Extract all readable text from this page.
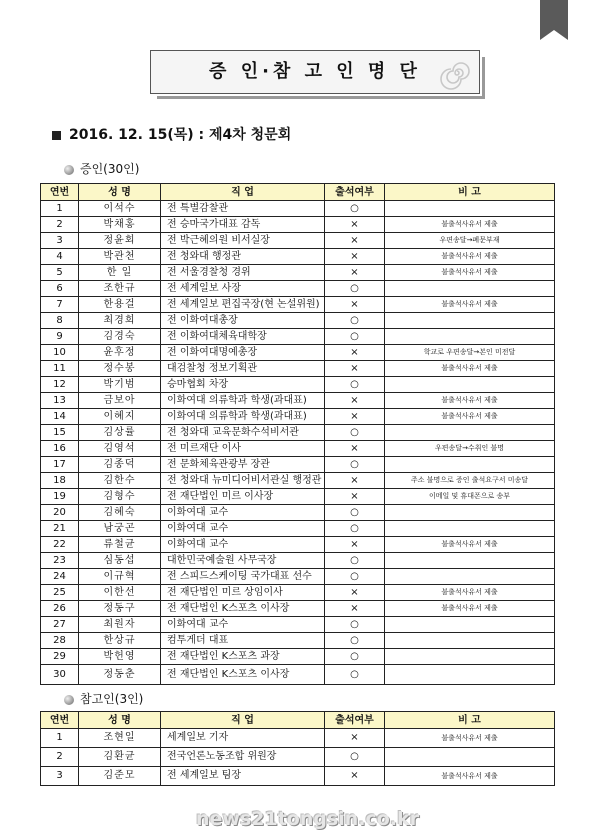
증 인·참 고 인 명 단
2016. 12. 15(목) : 제4차 청문회
증인(30인)
연번	성 명	직 업	출석여부	비 고
1	이석수	전 특별감찰관	○	
2	박채홍	전 승마국가대표 감독	×	불출석사유서 제출
3	정윤회	전 박근혜의원 비서실장	×	우편송달→폐문부재
4	박관천	전 청와대 행정관	×	불출석사유서 제출
5	한 일	전 서울경찰청 경위	×	불출석사유서 제출
6	조한규	전 세계일보 사장	○	
7	한용걸	전 세계일보 편집국장(현 논설위원)	×	불출석사유서 제출
8	최경희	전 이화여대총장	○	
9	김경숙	전 이화여대체육대학장	○	
10	윤후정	전 이화여대명예총장	×	학교로 우편송달→본인 미전달
11	정수봉	대검찰청 정보기획관	×	불출석사유서 제출
12	박기범	승마협회 차장	○	
13	금보아	이화여대 의류학과 학생(과대표)	×	불출석사유서 제출
14	이혜지	이화여대 의류학과 학생(과대표)	×	불출석사유서 제출
15	김상률	전 청와대 교육문화수석비서관	○	
16	김영석	전 미르재단 이사	×	우편송달→수취인 불명
17	김종덕	전 문화체육관광부 장관	○	
18	김한수	전 청와대 뉴미디어비서관실 행정관	×	주소 불명으로 증인 출석요구서 미송달
19	김형수	전 재단법인 미르 이사장	×	이메일 및 휴대폰으로 송부
20	김혜숙	이화여대 교수	○	
21	남궁곤	이화여대 교수	○	
22	류철균	이화여대 교수	×	불출석사유서 제출
23	심동섭	대한민국예술원 사무국장	○	
24	이규혁	전 스피드스케이팅 국가대표 선수	○	
25	이한선	전 재단법인 미르 상임이사	×	불출석사유서 제출
26	정동구	전 재단법인 K스포츠 이사장	×	불출석사유서 제출
27	최원자	이화여대 교수	○	
28	한상규	컴투게더 대표	○	
29	박헌영	전 재단법인 K스포츠 과장	○	
30	정동춘	전 재단법인 K스포츠 이사장	○	
참고인(3인)
연번	성 명	직 업	출석여부	비 고
1	조현일	세계일보 기자	×	불출석사유서 제출
2	김환균	전국언론노동조합 위원장	○	
3	김준모	전 세계일보 팀장	×	불출석사유서 제출
news21tongsin.co.kr
